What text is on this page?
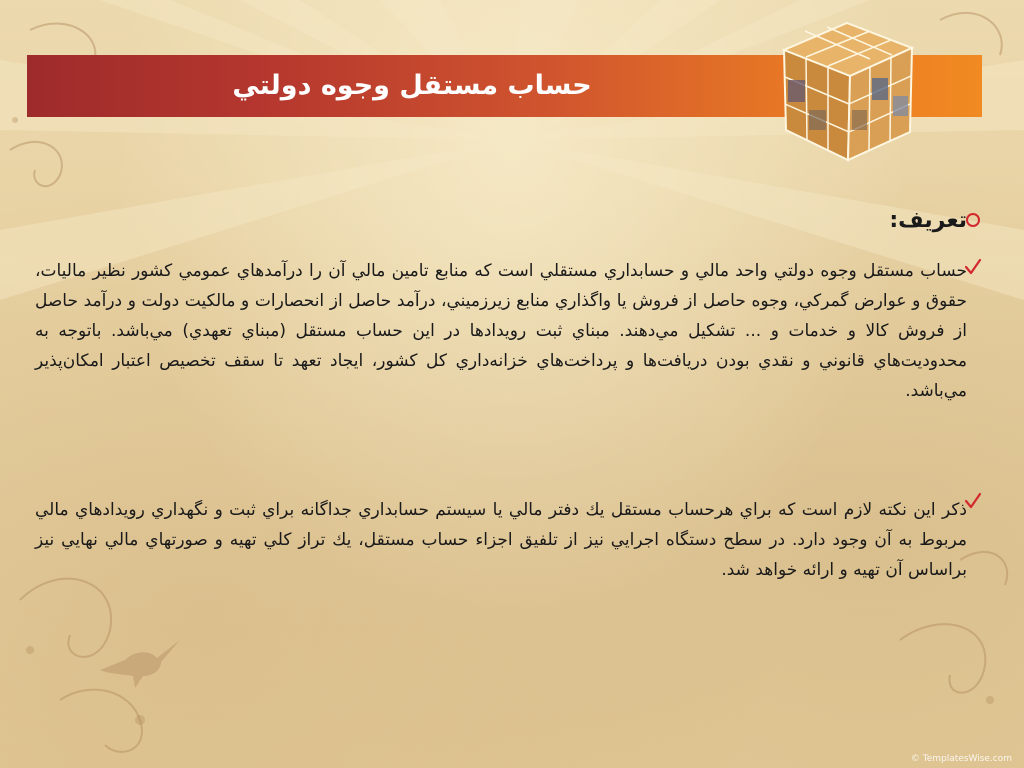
حساب مستقل وجوه دولتي
تعريف:
حساب مستقل وجوه دولتي واحد مالي و حسابداري مستقلي است كه منابع تامين مالي آن را درآمدهاي عمومي كشور نظير ماليات، حقوق و عوارض گمركي، وجوه حاصل از فروش يا واگذاري منابع زيرزميني، درآمد حاصل از انحصارات و مالكيت دولت و درآمد حاصل از فروش كالا و خدمات و ... تشكيل مي‌دهند. مبناي ثبت رويدادها در اين حساب مستقل (مبناي تعهدي) مي‌باشد. باتوجه به محدوديت‌هاي قانوني و نقدي بودن دريافت‌ها و پرداخت‌هاي خزانه‌داري كل كشور، ايجاد تعهد تا سقف تخصيص اعتبار امكان‌پذير مي‌باشد.
ذكر اين نكته لازم است كه براي هرحساب مستقل يك دفتر مالي يا سيستم حسابداري جداگانه براي ثبت و نگهداري رويدادهاي مالي مربوط به آن وجود دارد. در سطح دستگاه اجرايي نيز از تلفيق اجزاء حساب مستقل، يك تراز كلي تهيه و صورتهاي مالي نهايي نيز براساس آن تهيه و ارائه خواهد شد.
© TemplatesWise.com
